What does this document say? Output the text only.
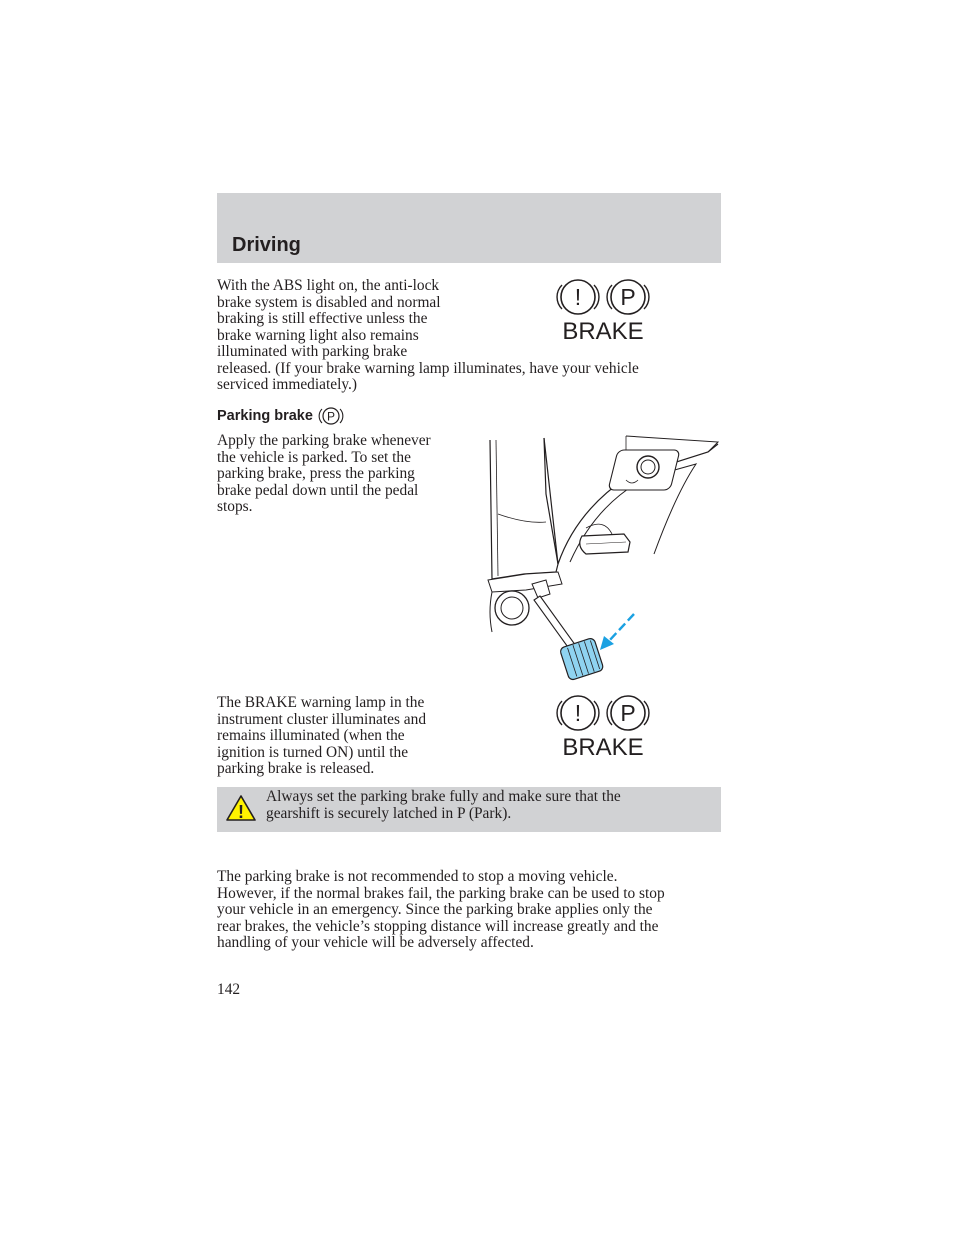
Driving

With the ABS light on, the anti-lock
brake system is disabled and normal
braking is still effective unless the
brake warning light also remains
illuminated with parking brake
released. (If your brake warning lamp illuminates, have your vehicle
serviced immediately.)

! P
BRAKE
Parking brake P

Apply the parking brake whenever
the vehicle is parked. To set the
parking brake, press the parking
brake pedal down until the pedal
stops.

The BRAKE warning lamp in the
instrument cluster illuminates and
remains illuminated (when the
ignition is turned ON) until the
parking brake is released.

! P
BRAKE
!

Always set the parking brake fully and make sure that the
gearshift is securely latched in P (Park).

The parking brake is not recommended to stop a moving vehicle.
However, if the normal brakes fail, the parking brake can be used to stop
your vehicle in an emergency. Since the parking brake applies only the
rear brakes, the vehicle’s stopping distance will increase greatly and the
handling of your vehicle will be adversely affected.

142
